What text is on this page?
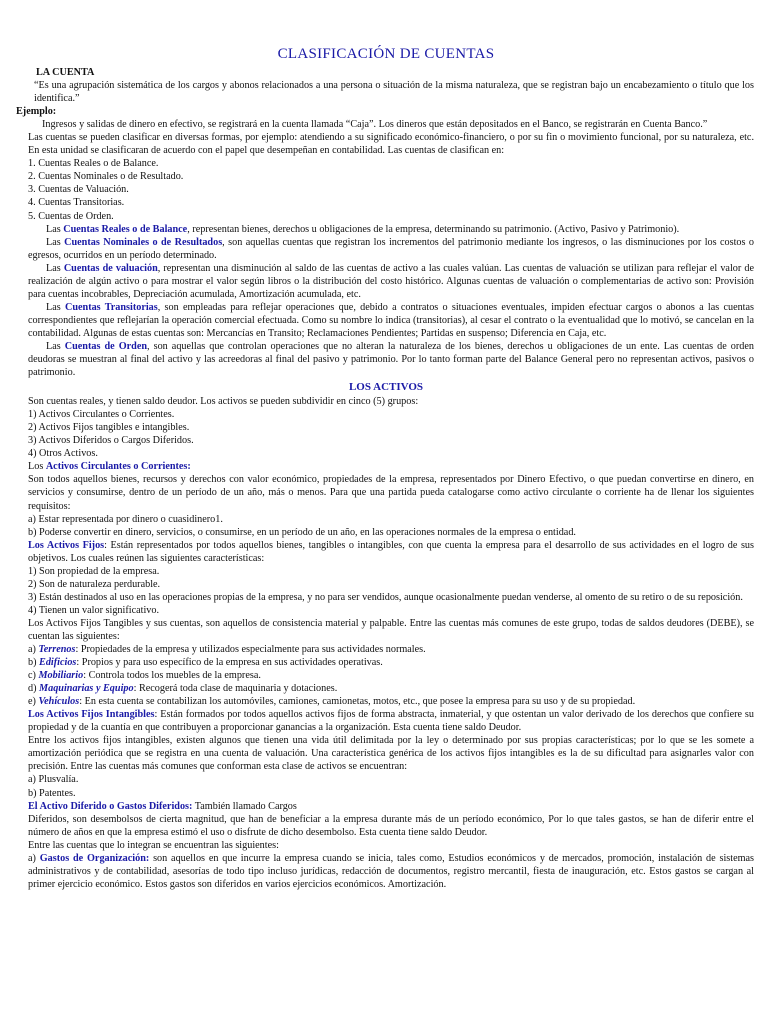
CLASIFICACIÓN DE CUENTAS
LA CUENTA

“Es una agrupación sistemática de los cargos y abonos relacionados a una persona o situación de la misma naturaleza, que se registran bajo un encabezamiento o título que los identifica.”

Ejemplo:

Ingresos y salidas de dinero en efectivo, se registrará en la cuenta llamada “Caja”. Los dineros que están depositados en el Banco, se registrarán en Cuenta Banco.”

Las cuentas se pueden clasificar en diversas formas, por ejemplo: atendiendo a su significado económico-financiero, o por su fin o movimiento funcional, por su naturaleza, etc. En esta unidad se clasificaran de acuerdo con el papel que desempeñan en contabilidad. Las cuentas de clasifican en:

1. Cuentas Reales o de Balance.
2. Cuentas Nominales o de Resultado.
3. Cuentas de Valuación.
4. Cuentas Transitorias.
5. Cuentas de Orden.

Las Cuentas Reales o de Balance, representan bienes, derechos u obligaciones de la empresa, determinando su patrimonio. (Activo, Pasivo y Patrimonio).

Las Cuentas Nominales o de Resultados, son aquellas cuentas que registran los incrementos del patrimonio mediante los ingresos, o las disminuciones por los costos o egresos, ocurridos en un período determinado.

Las Cuentas de valuación, representan una disminución al saldo de las cuentas de activo a las cuales valúan. Las cuentas de valuación se utilizan para reflejar el valor de realización de algún activo o para mostrar el valor según libros o la distribución del costo histórico. Algunas cuentas de valuación o complementarias de activo son: Provisión para cuentas incobrables, Depreciación acumulada, Amortización acumulada, etc.

Las Cuentas Transitorias, son empleadas para reflejar operaciones que, debido a contratos o situaciones eventuales, impiden efectuar cargos o abonos a las cuentas correspondientes que reflejarían la operación comercial efectuada. Como su nombre lo indica (transitorias), al cesar el contrato o la eventualidad que lo motivó, se cancelan en la contabilidad. Algunas de estas cuentas son: Mercancías en Transito; Reclamaciones Pendientes; Partidas en suspenso; Diferencia en Caja, etc.

Las Cuentas de Orden, son aquellas que controlan operaciones que no alteran la naturaleza de los bienes, derechos u obligaciones de un ente. Las cuentas de orden deudoras se muestran al final del activo y las acreedoras al final del pasivo y patrimonio. Por lo tanto forman parte del Balance General pero no representan activos, pasivos o patrimonio.

LOS ACTIVOS

Son cuentas reales, y tienen saldo deudor. Los activos se pueden subdividir en cinco (5) grupos:

1) Activos Circulantes o Corrientes.
2) Activos Fijos tangibles e intangibles.
3) Activos Diferidos o Cargos Diferidos.
4) Otros Activos.
Los Activos Circulantes o Corrientes:

Son todos aquellos bienes, recursos y derechos con valor económico, propiedades de la empresa, representados por Dinero Efectivo, o que puedan convertirse en dinero, en servicios y consumirse, dentro de un período de un año, más o menos. Para que una partida pueda catalogarse como activo circulante o corriente ha de llenar los siguientes requisitos:

a) Estar representada por dinero o cuasidinero1.
b) Poderse convertir en dinero, servicios, o consumirse, en un período de un año, en las operaciones normales de la empresa o entidad.

Los Activos Fijos: Están representados por todos aquellos bienes, tangibles o intangibles, con que cuenta la empresa para el desarrollo de sus actividades en el logro de sus objetivos. Los cuales reúnen las siguientes características:

1) Son propiedad de la empresa.
2) Son de naturaleza perdurable.

3) Están destinados al uso en las operaciones propias de la empresa, y no para ser vendidos, aunque ocasionalmente puedan venderse, al omento de su retiro o de su reposición.

4) Tienen un valor significativo.

Los Activos Fijos Tangibles y sus cuentas, son aquellos de consistencia material y palpable. Entre las cuentas más comunes de este grupo, todas de saldos deudores (DEBE), se cuentan las siguientes:

a) Terrenos: Propiedades de la empresa y utilizados especialmente para sus actividades normales.
b) Edificios: Propios y para uso específico de la empresa en sus actividades operativas.
c) Mobiliario: Controla todos los muebles de la empresa.
d) Maquinarias y Equipo: Recogerá toda clase de maquinaria y dotaciones.
e) Vehículos: En esta cuenta se contabilizan los automóviles, camiones, camionetas, motos, etc., que posee la empresa para su uso y de su propiedad.

Los Activos Fijos Intangibles: Están formados por todos aquellos activos fijos de forma abstracta, inmaterial, y que ostentan un valor derivado de los derechos que confiere su propiedad y de la cuantía en que contribuyen a proporcionar ganancias a la organización. Esta cuenta tiene saldo Deudor.

Entre los activos fijos intangibles, existen algunos que tienen una vida útil delimitada por la ley o determinado por sus propias características; por lo que se les somete a amortización periódica que se registra en una cuenta de valuación. Una característica genérica de los activos fijos intangibles es la de su dificultad para asignarles valor con precisión. Entre las cuentas más comunes que conforman esta clase de activos se encuentran:

a) Plusvalía.
b) Patentes.
El Activo Diferido o Gastos Diferidos: También llamado Cargos

Diferidos, son desembolsos de cierta magnitud, que han de beneficiar a la empresa durante más de un período económico, Por lo que tales gastos, se han de diferir entre el número de años en que la empresa estimó el uso o disfrute de dicho desembolso. Esta cuenta tiene saldo Deudor.

Entre las cuentas que lo integran se encuentran las siguientes:

a) Gastos de Organización: son aquellos en que incurre la empresa cuando se inicia, tales como, Estudios económicos y de mercados, promoción, instalación de sistemas administrativos y de contabilidad, asesorías de todo tipo incluso jurídicas, redacción de documentos, registro mercantil, fiesta de inauguración, etc. Estos gastos se cargan al primer ejercicio económico. Estos gastos son diferidos en varios ejercicios económicos. Amortización.
